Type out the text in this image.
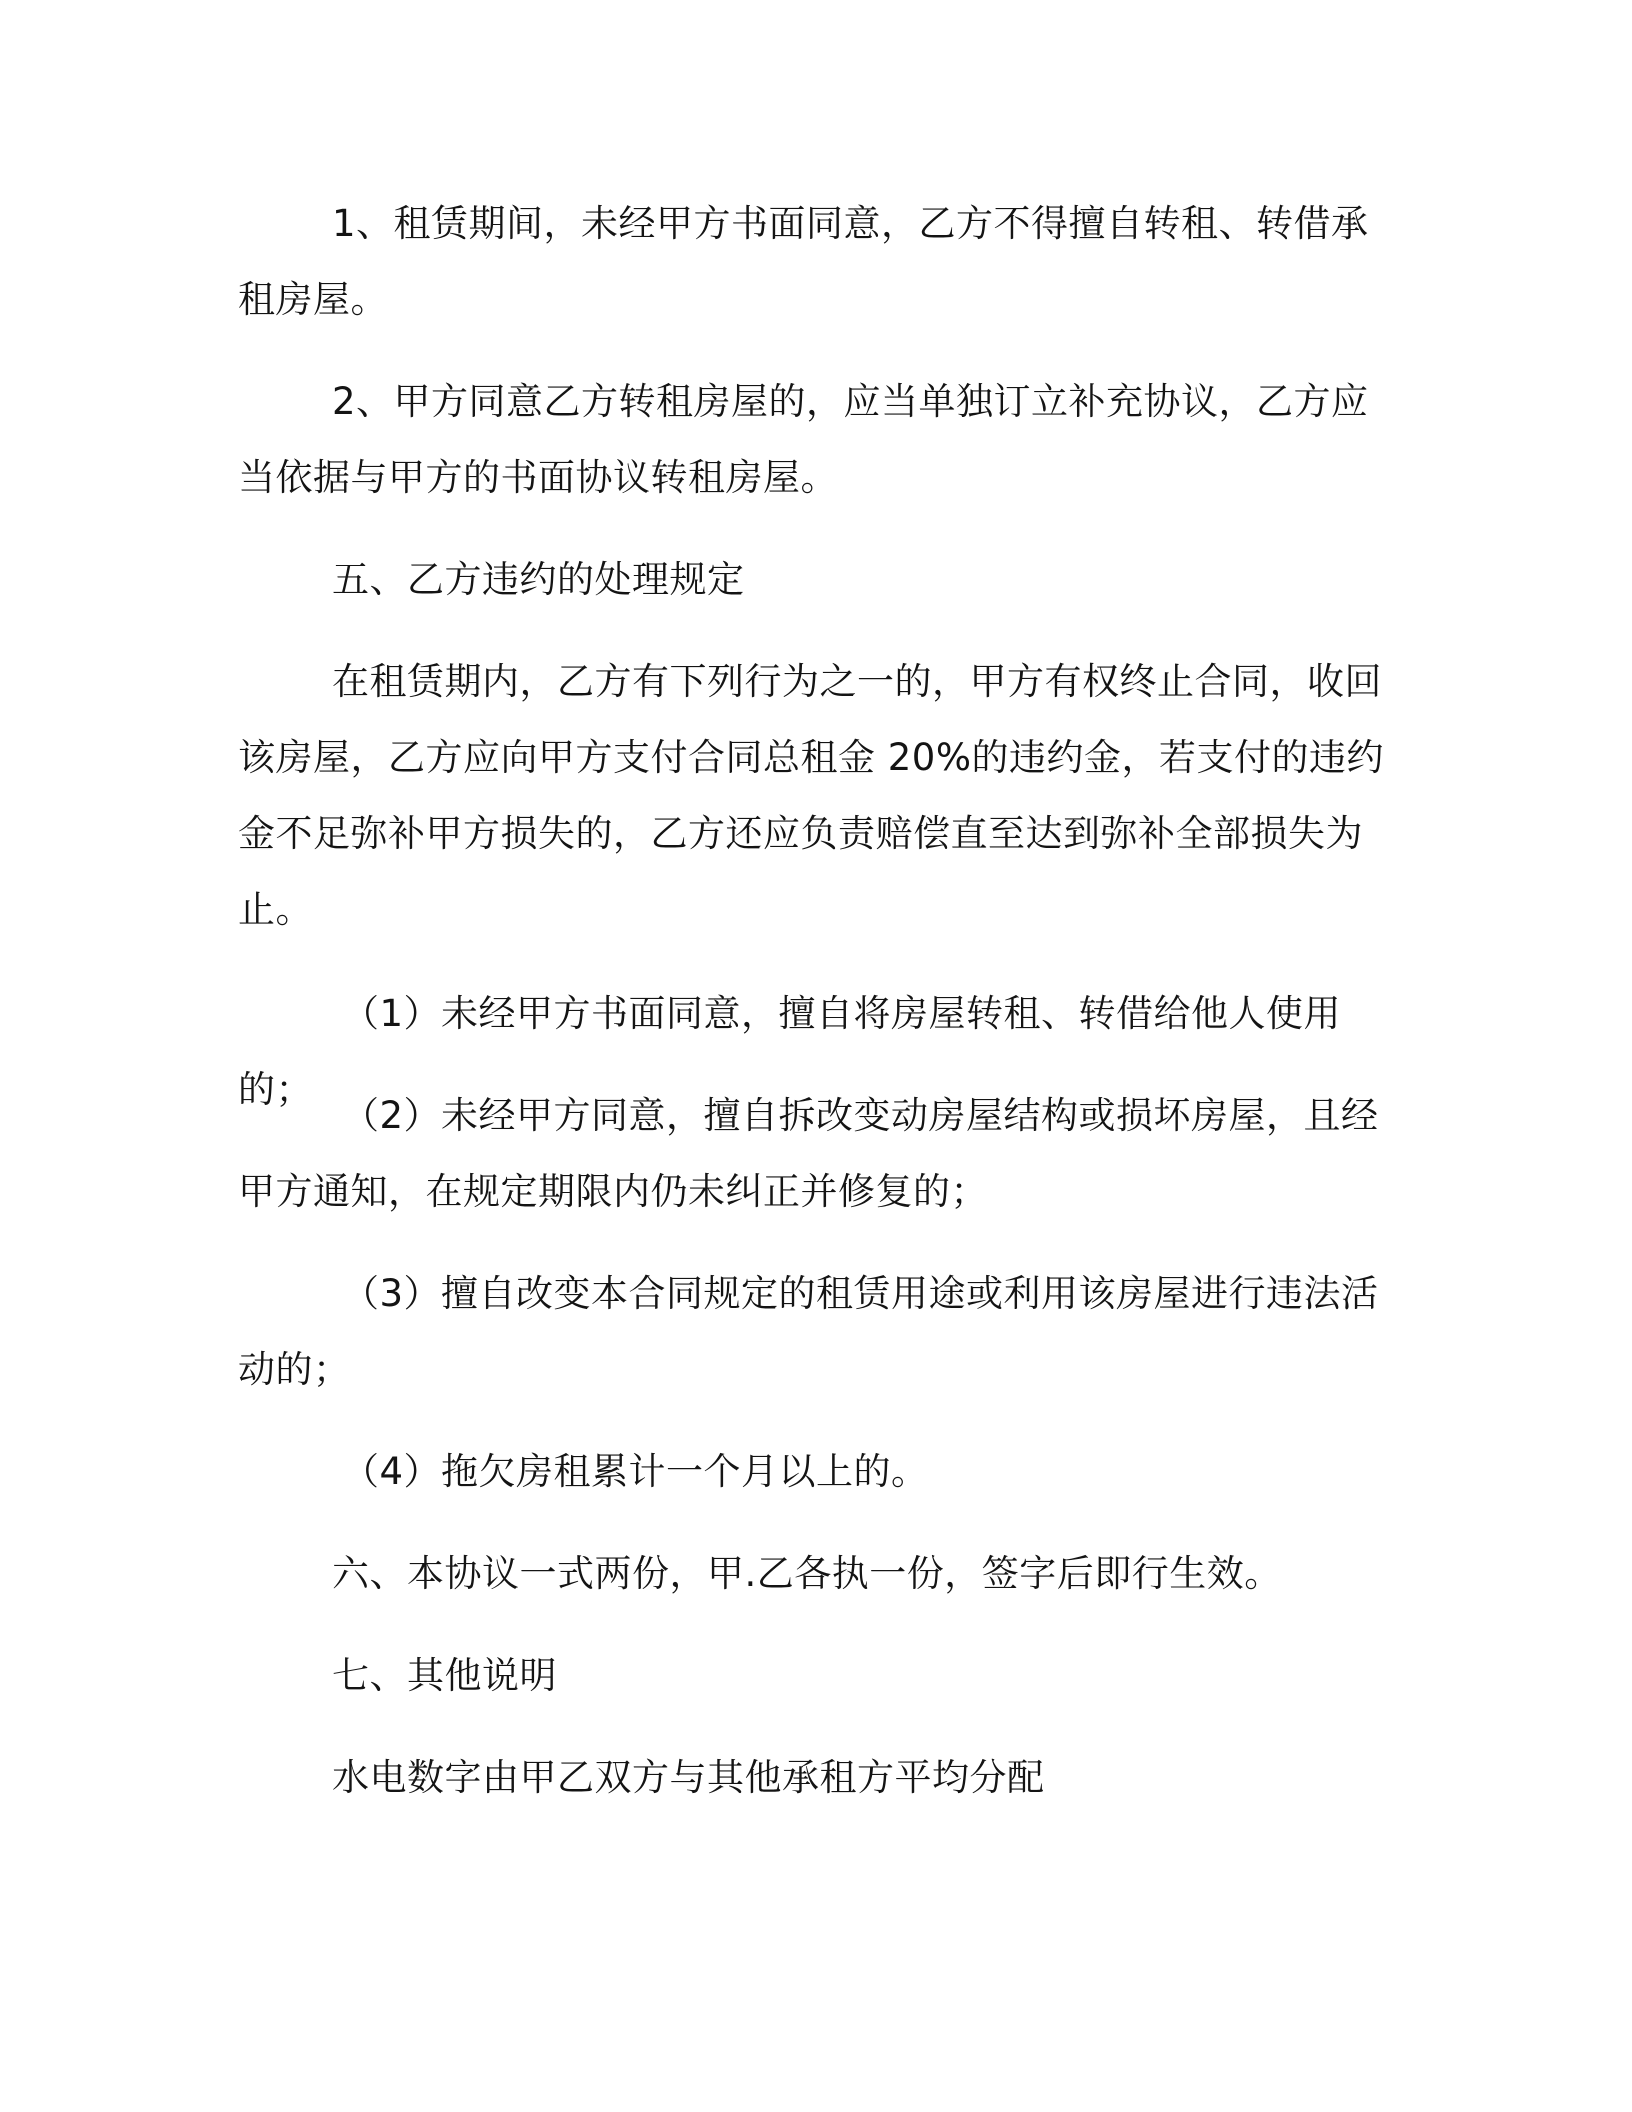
1、租赁期间，未经甲方书面同意，乙方不得擅自转租、转借承租房屋。

2、甲方同意乙方转租房屋的，应当单独订立补充协议，乙方应当依据与甲方的书面协议转租房屋。

五、乙方违约的处理规定

在租赁期内，乙方有下列行为之一的，甲方有权终止合同，收回该房屋，乙方应向甲方支付合同总租金 20%的违约金，若支付的违约金不足弥补甲方损失的，乙方还应负责赔偿直至达到弥补全部损失为止。

（1）未经甲方书面同意，擅自将房屋转租、转借给他人使用的；

（2）未经甲方同意，擅自拆改变动房屋结构或损坏房屋，且经甲方通知，在规定期限内仍未纠正并修复的；

（3）擅自改变本合同规定的租赁用途或利用该房屋进行违法活动的；

（4）拖欠房租累计一个月以上的。

六、本协议一式两份，甲.乙各执一份，签字后即行生效。

七、其他说明

水电数字由甲乙双方与其他承租方平均分配
